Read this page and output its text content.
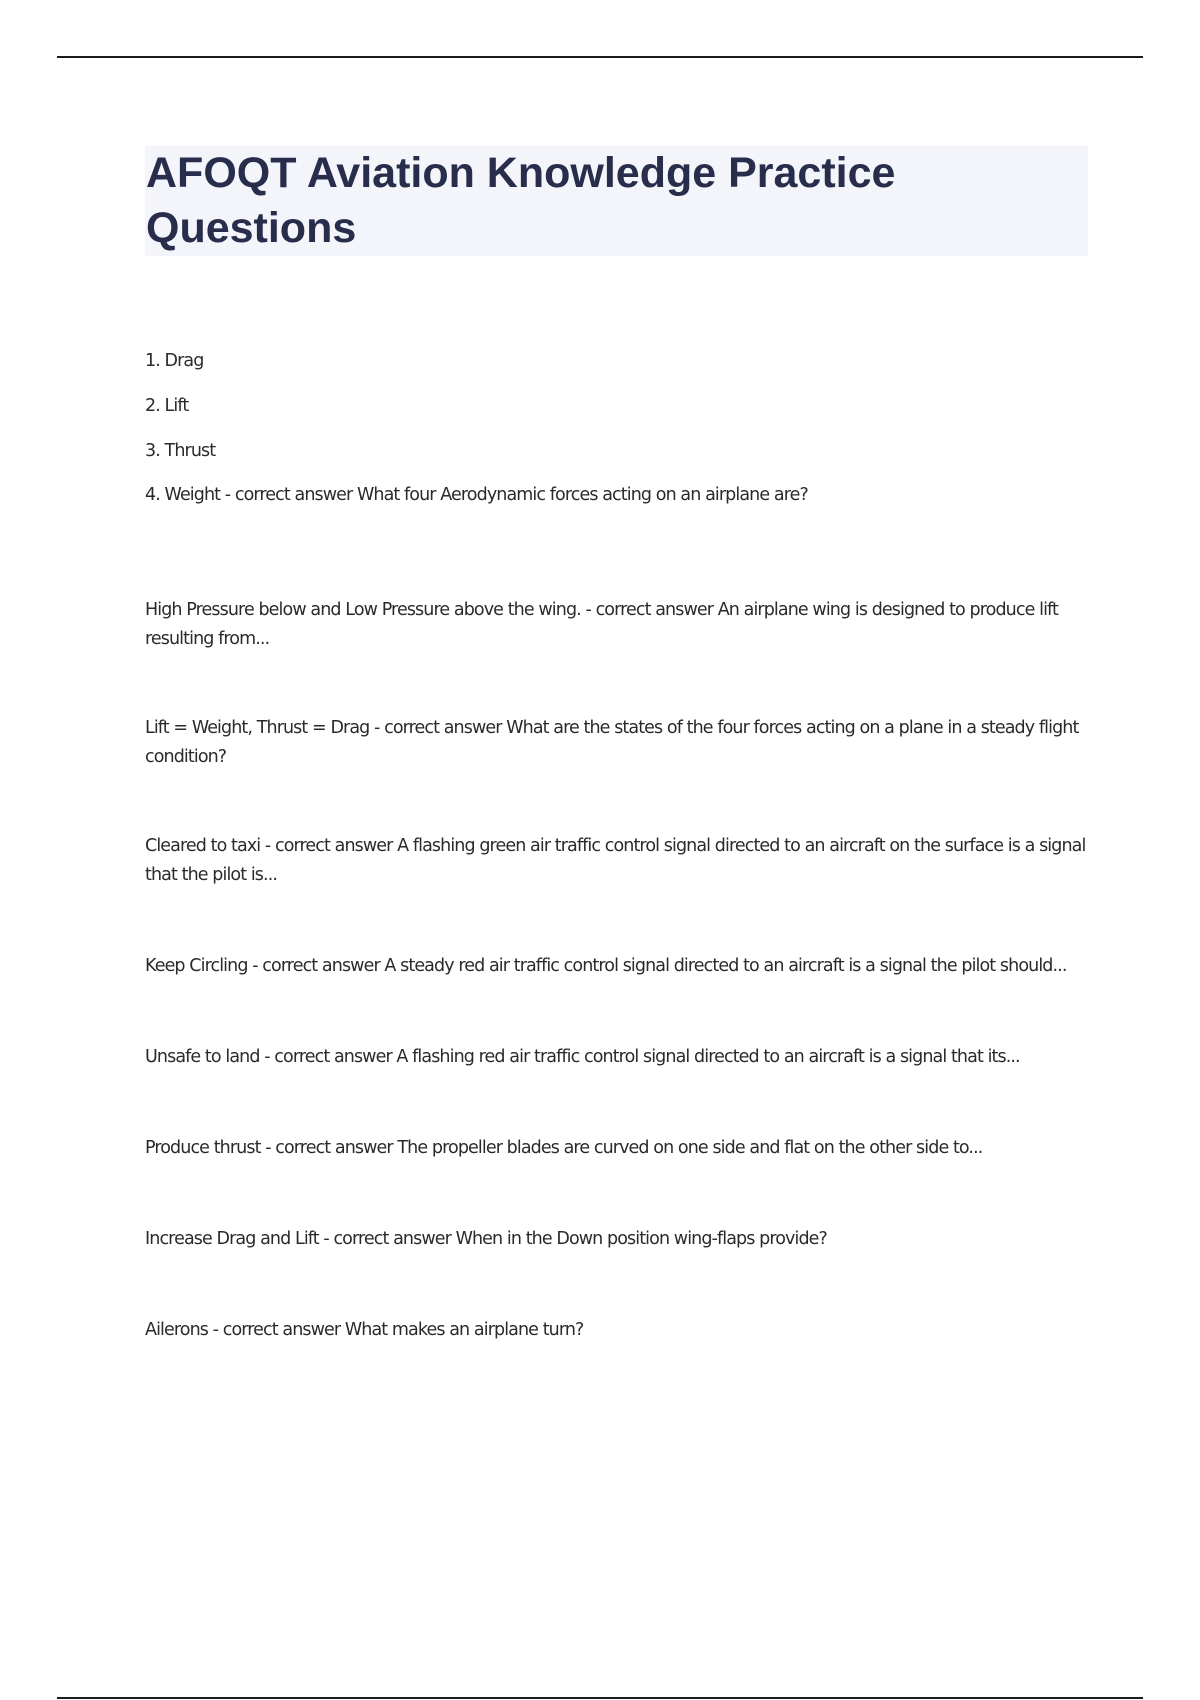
AFOQT Aviation Knowledge Practice Questions
1. Drag
2. Lift
3. Thrust

4. Weight - correct answer What four Aerodynamic forces acting on an airplane are?

High Pressure below and Low Pressure above the wing. - correct answer An airplane wing is designed to produce lift resulting from...

Lift = Weight, Thrust = Drag - correct answer What are the states of the four forces acting on a plane in a steady flight condition?

Cleared to taxi - correct answer A flashing green air traffic control signal directed to an aircraft on the surface is a signal that the pilot is...

Keep Circling - correct answer A steady red air traffic control signal directed to an aircraft is a signal the pilot should...

Unsafe to land - correct answer A flashing red air traffic control signal directed to an aircraft is a signal that its...

Produce thrust - correct answer The propeller blades are curved on one side and flat on the other side to...

Increase Drag and Lift - correct answer When in the Down position wing-flaps provide?

Ailerons - correct answer What makes an airplane turn?
